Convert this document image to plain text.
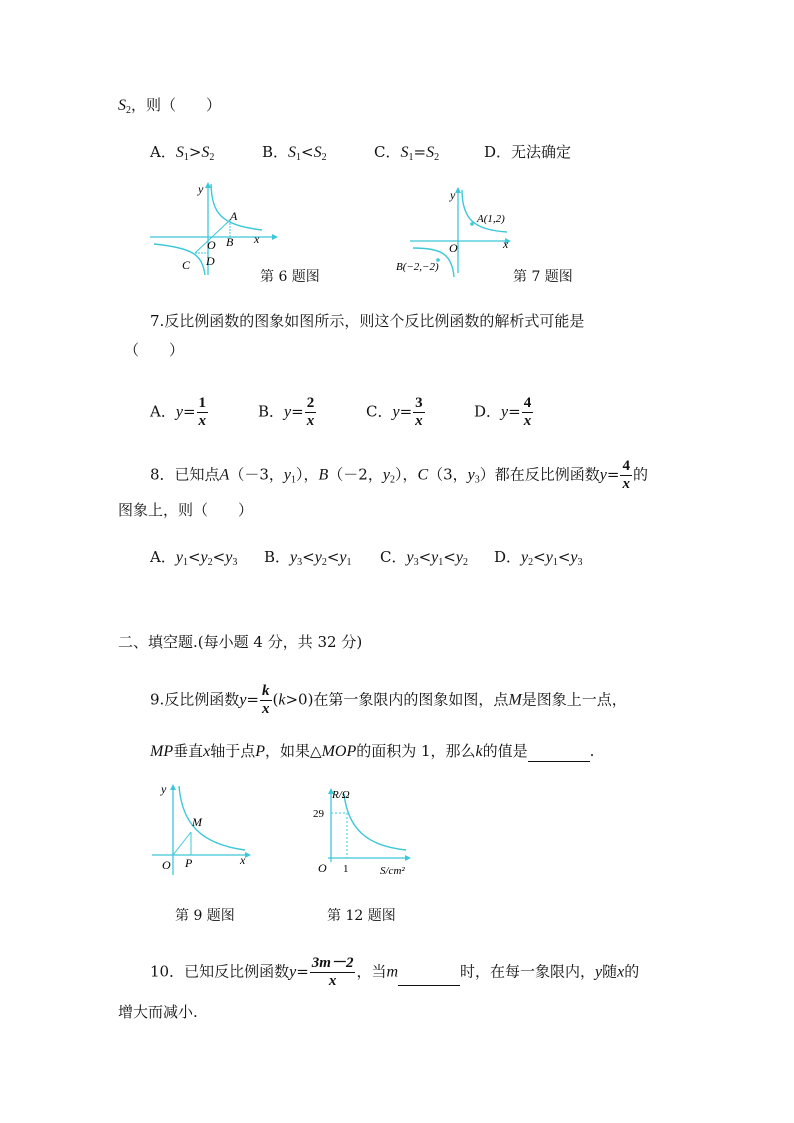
$S_2$，则（　　）
A．$S_1>S_2$	B．$S_1<S_2$	C．$S_1=S_2$	D．无法确定
y
x
O
A
B
C D
第 6 题图
y
x
O
A(1,2)
B(−2,−2)
第 7 题图
7.反比例函数的图象如图所示，则这个反比例函数的解析式可能是
（　　）
A．$y= \frac{1}{x}$	B．$y= \frac{2}{x}$	C．$y= \frac{3}{x}$	D．$y= \frac{4}{x}$
8．已知点A（－3，$y_1$），B（－2，$y_2$），C（3，$y_3$）都在反比例函数$y= \frac{4}{x}$ 的
图象上，则（　　）
A．$y_1<y_2<y_3$ B．$y_3<y_2<y_1$ C．$y_3<y_1<y_2$ D．$y_2<y_1<y_3$
二、填空题.(每小题 4 分，共 32 分)
9.反比例函数$y= \frac{k}{x} (k>0)$在第一象限内的图象如图，点M是图象上一点，
MP垂直x轴于点P，如果△MOP的面积为 1，那么k的值是	.
y
x
O
M
P
第 9 题图
R/Ω
29
O 1	S/cm²
第 12 题图
10．已知反比例函数$y= \frac{3m-2}{x}$ ，当m	时，在每一象限内，y随x的
增大而减小.
